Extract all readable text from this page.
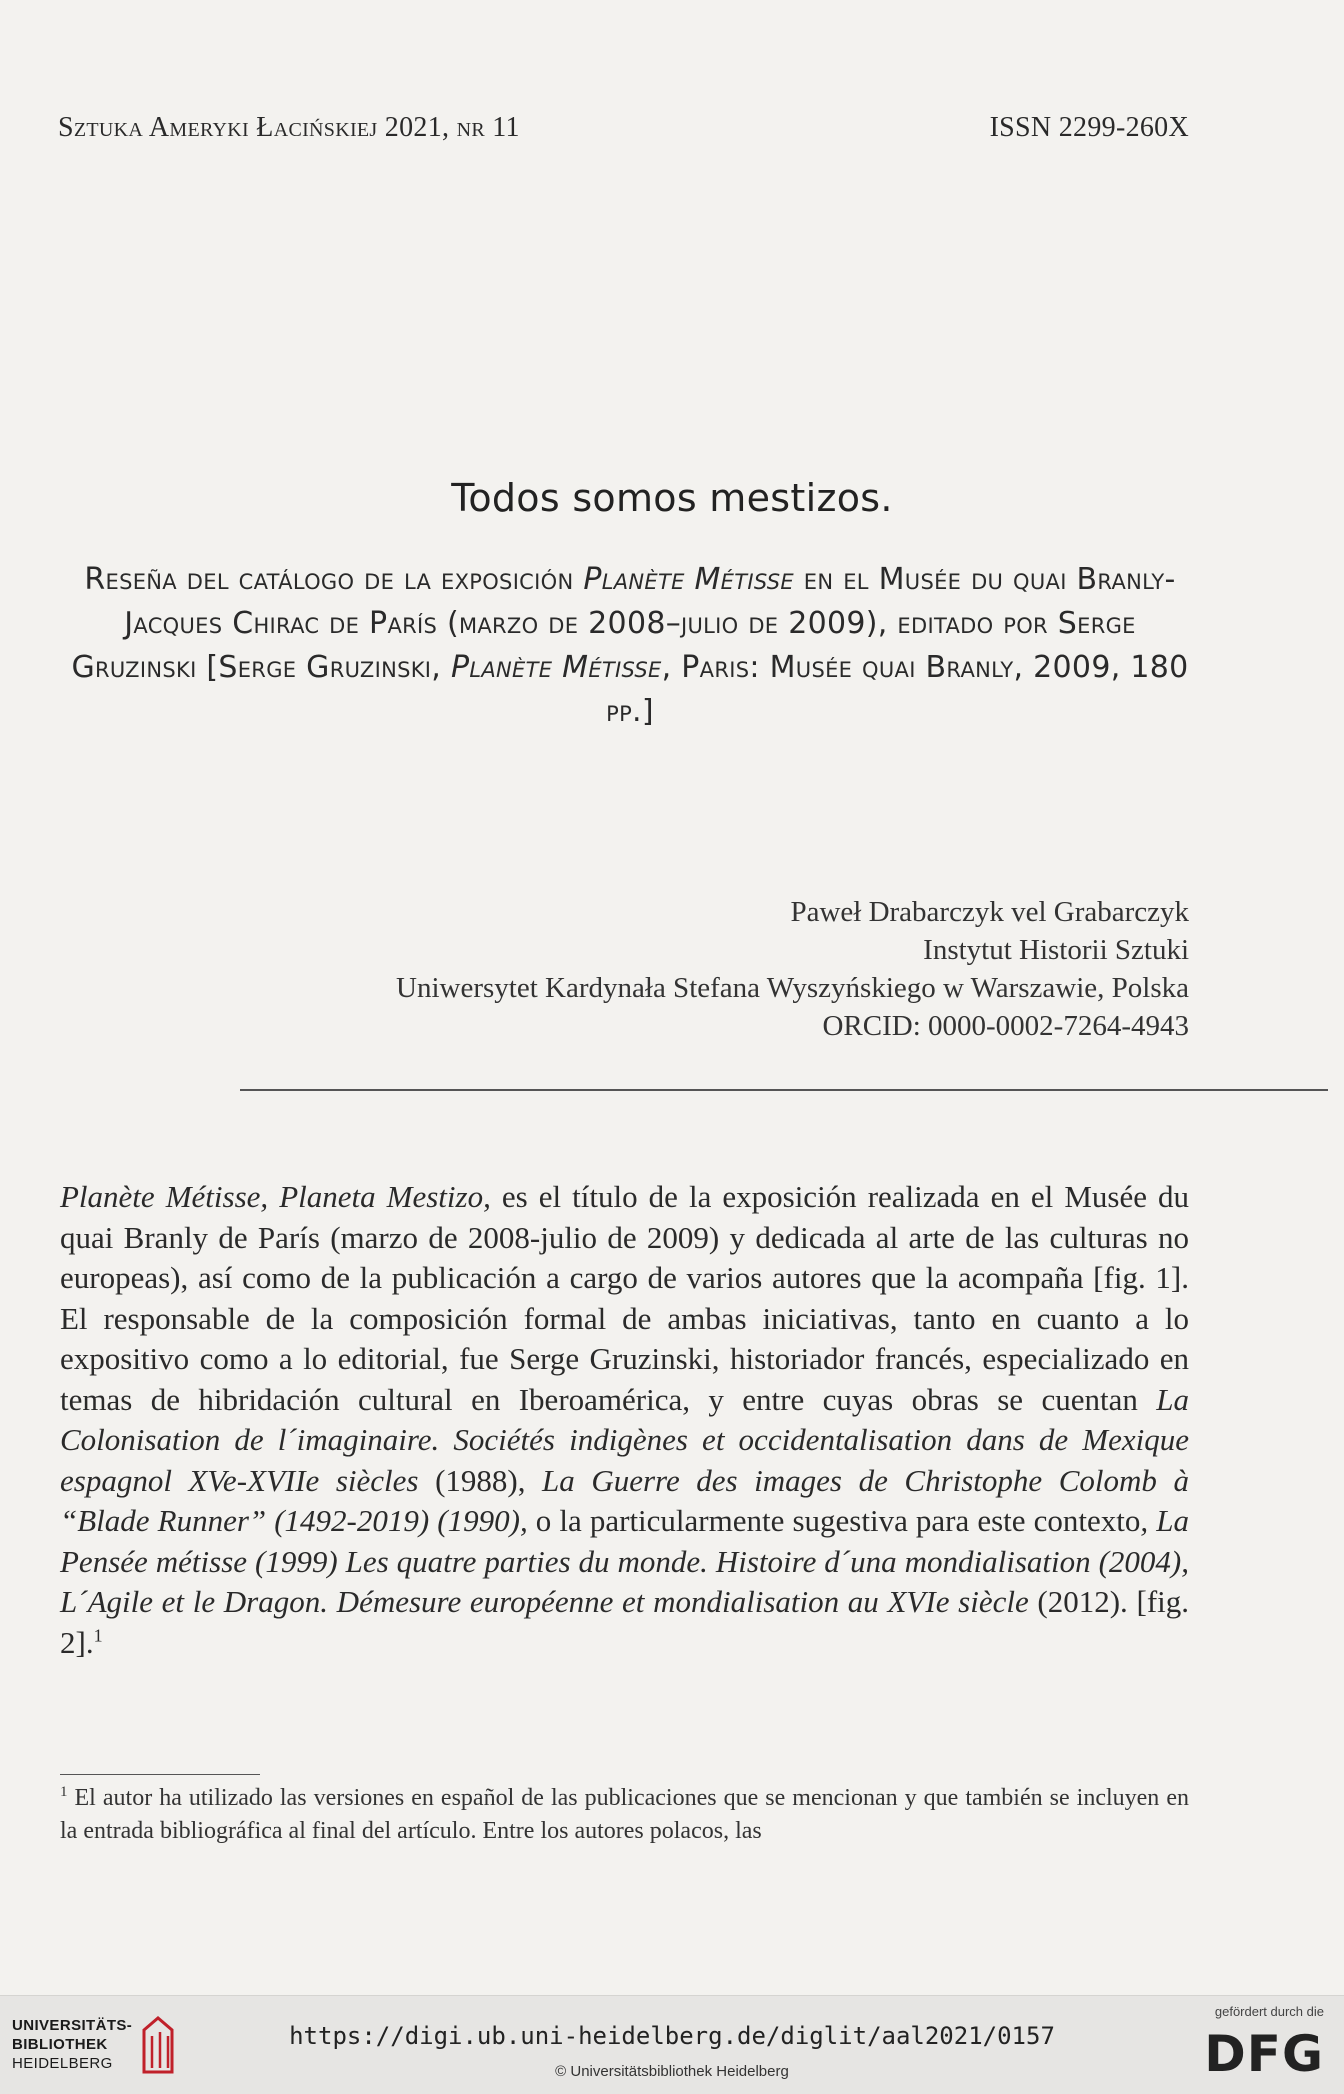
Sztuka Ameryki Łacińskiej 2021, nr 11	ISSN 2299-260X
Todos somos mestizos.
Reseña del catálogo de la exposición Planète Métisse en el Musée du quai Branly-Jacques Chirac de París (marzo de 2008–julio de 2009), editado por Serge Gruzinski [Serge Gruzinski, Planète Métisse, Paris: Musée quai Branly, 2009, 180 pp.]
Paweł Drabarczyk vel Grabarczyk
Instytut Historii Sztuki
Uniwersytet Kardynała Stefana Wyszyńskiego w Warszawie, Polska
ORCID: 0000-0002-7264-4943
Planète Métisse, Planeta Mestizo, es el título de la exposición realizada en el Musée du quai Branly de París (marzo de 2008-julio de 2009) y dedicada al arte de las culturas no europeas), así como de la publicación a cargo de varios autores que la acompaña [fig. 1]. El responsable de la composición formal de ambas iniciativas, tanto en cuanto a lo expositivo como a lo editorial, fue Serge Gruzinski, historiador francés, especializado en temas de hibridación cultural en Iberoamérica, y entre cuyas obras se cuentan La Colonisation de l´imaginaire. Sociétés indigènes et occidentalisation dans de Mexique espagnol XVe-XVIIe siècles (1988), La Guerre des images de Christophe Colomb à “Blade Runner” (1492-2019) (1990), o la particularmente sugestiva para este contexto, La Pensée métisse (1999) Les quatre parties du monde. Histoire d´una mondialisation (2004), L´Agile et le Dragon. Démesure européenne et mondialisation au XVIe siècle (2012). [fig. 2].$^1$
$^1$ El autor ha utilizado las versiones en español de las publicaciones que se mencionan y que también se incluyen en la entrada bibliográfica al final del artículo. Entre los autores polacos, las
UNIVERSITÄTS-
BIBLIOTHEK
HEIDELBERG
https://digi.ub.uni-heidelberg.de/diglit/aal2021/0157
© Universitätsbibliothek Heidelberg
gefördert durch die
DFG
